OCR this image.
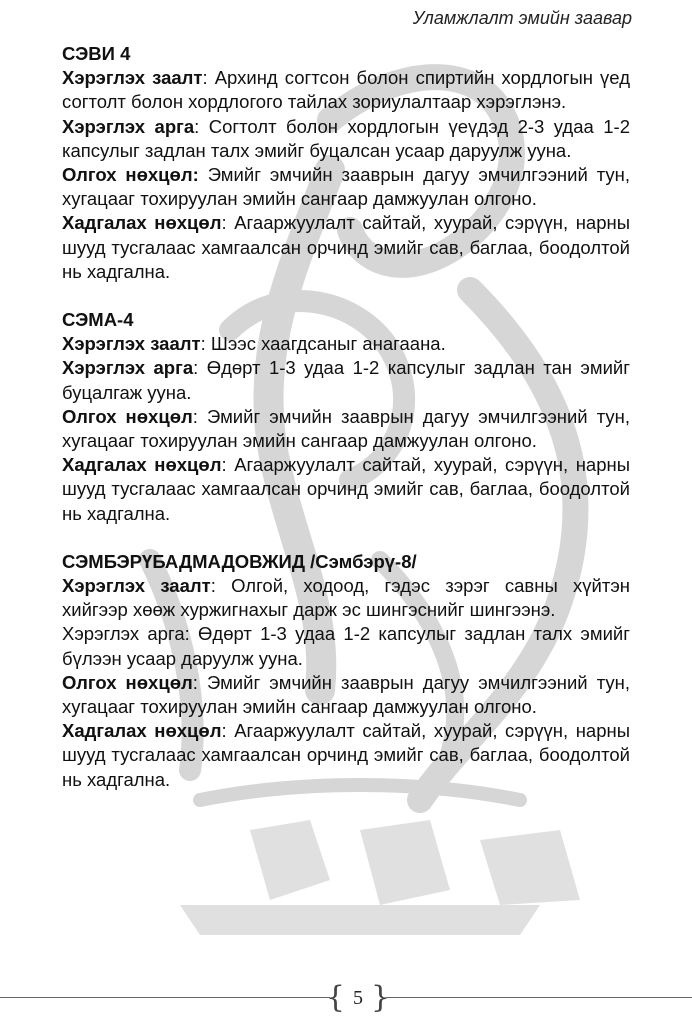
Уламжлалт эмийн заавар

СЭВИ 4

Хэрэглэх заалт: Архинд согтсон болон спиртийн хордлогын үед согтолт болон хордлогого тайлах зориулалтаар хэрэглэнэ.

Хэрэглэх арга: Согтолт болон хордлогын үеүдэд 2-3 удаа 1-2 капсулыг задлан талх эмийг буцалсан усаар даруулж ууна.

Олгох нөхцөл: Эмийг эмчийн зааврын дагуу эмчилгээний тун, хугацааг тохируулан эмийн сангаар дамжуулан олгоно.

Хадгалах нөхцөл: Агааржуулалт сайтай, хуурай, сэрүүн, нарны шууд тусгалаас хамгаалсан орчинд эмийг сав, баглаа, боодолтой нь хадгална.

СЭМА-4

Хэрэглэх заалт: Шээс хаагдсаныг анагаана.

Хэрэглэх арга: Өдөрт 1-3 удаа 1-2 капсулыг задлан тан эмийг буцалгаж ууна.

Олгох нөхцөл: Эмийг эмчийн зааврын дагуу эмчилгээний тун, хугацааг тохируулан эмийн сангаар дамжуулан олгоно.

Хадгалах нөхцөл: Агааржуулалт сайтай, хуурай, сэрүүн, нарны шууд тусгалаас хамгаалсан орчинд эмийг сав, баглаа, боодолтой нь хадгална.

СЭМБЭРҮБАДМАДОВЖИД /Сэмбэрү-8/

Хэрэглэх заалт: Олгой, ходоод, гэдэс зэрэг савны хүйтэн хийгээр хөөж хуржигнахыг дарж эс шингэснийг шингээнэ.

Хэрэглэх арга: Өдөрт 1-3 удаа 1-2 капсулыг задлан талх эмийг бүлээн усаар даруулж ууна.

Олгох нөхцөл: Эмийг эмчийн зааврын дагуу эмчилгээний тун, хугацааг тохируулан эмийн сангаар дамжуулан олгоно.

Хадгалах нөхцөл: Агааржуулалт сайтай, хуурай, сэрүүн, нарны шууд тусгалаас хамгаалсан орчинд эмийг сав, баглаа, боодолтой нь хадгална.

{ 5 }
